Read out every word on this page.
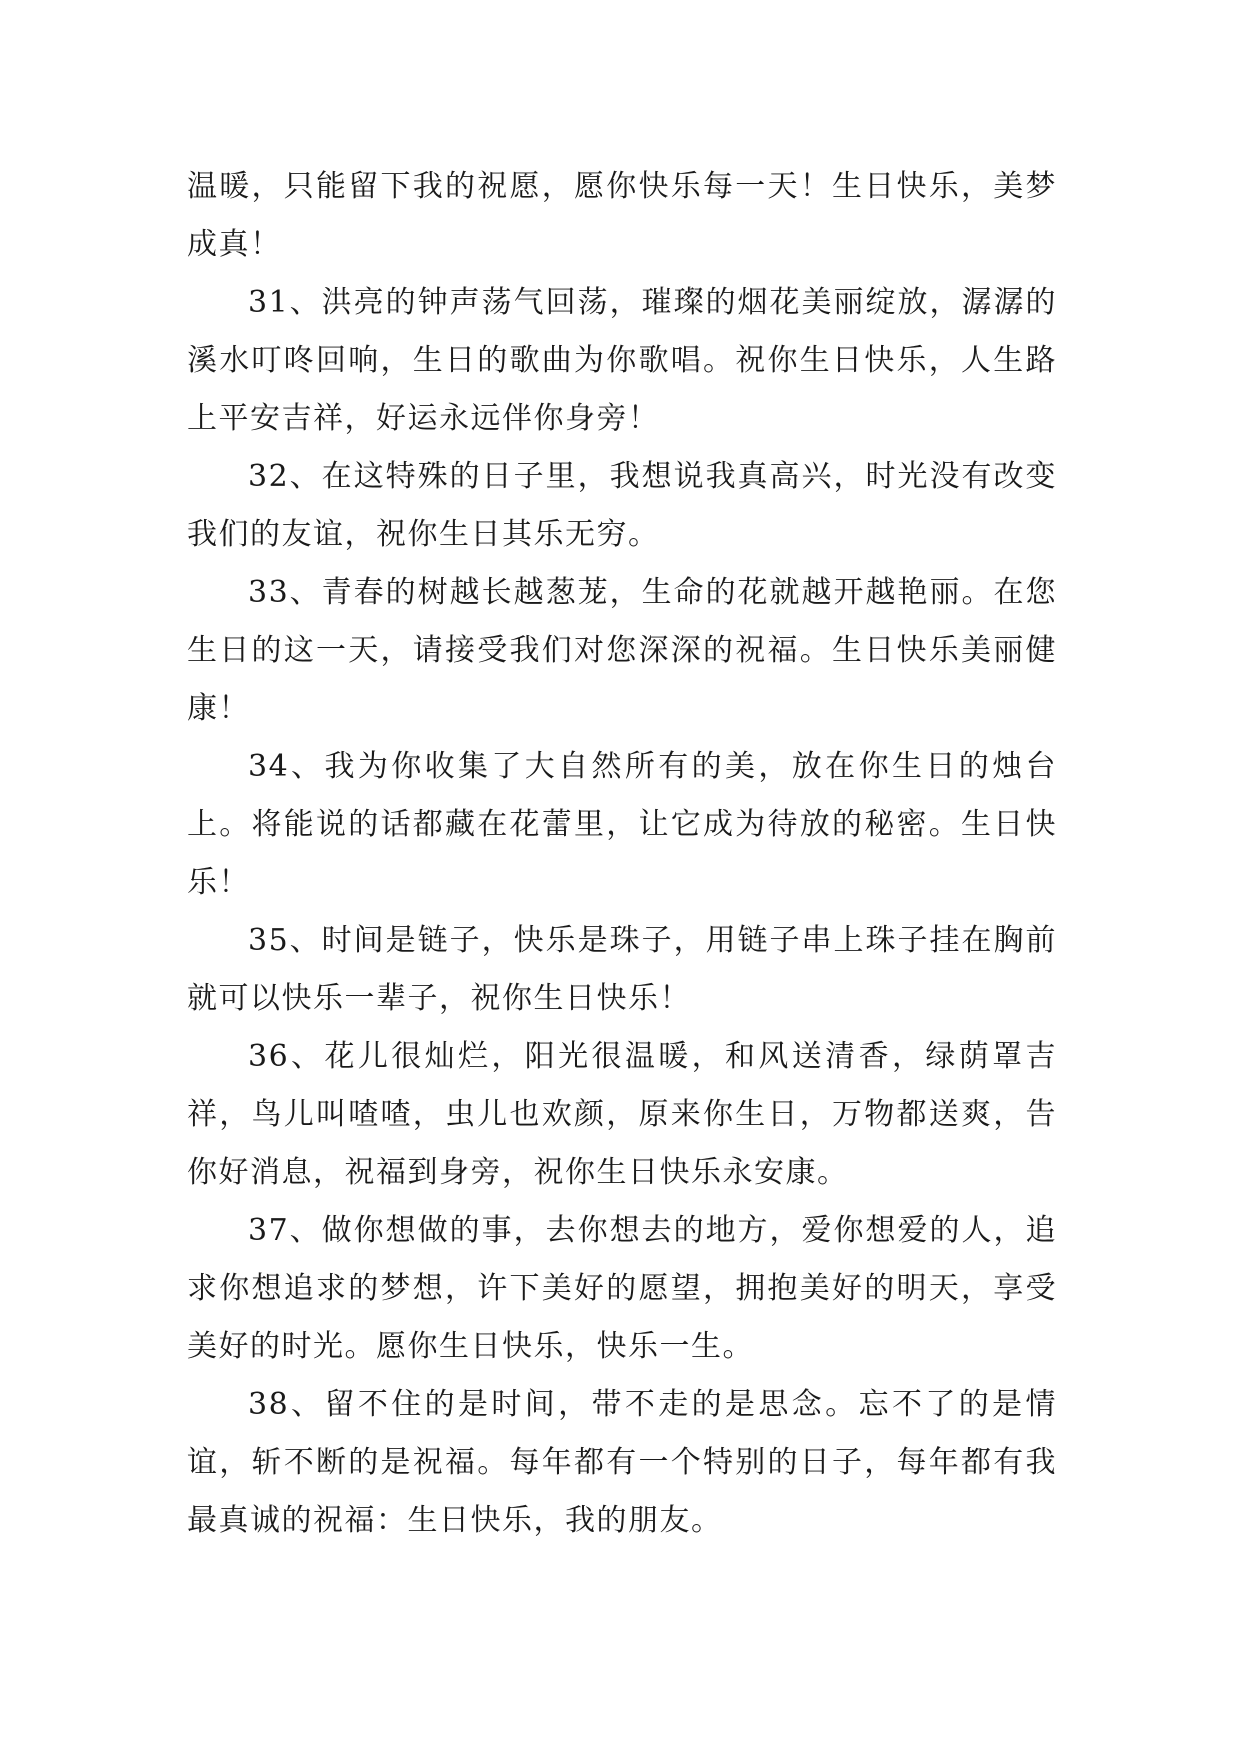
温暖，只能留下我的祝愿，愿你快乐每一天！生日快乐，美梦成真！

31、洪亮的钟声荡气回荡，璀璨的烟花美丽绽放，潺潺的溪水叮咚回响，生日的歌曲为你歌唱。祝你生日快乐，人生路上平安吉祥，好运永远伴你身旁！

32、在这特殊的日子里，我想说我真高兴，时光没有改变我们的友谊，祝你生日其乐无穷。

33、青春的树越长越葱茏，生命的花就越开越艳丽。在您生日的这一天，请接受我们对您深深的祝福。生日快乐美丽健康！

34、我为你收集了大自然所有的美，放在你生日的烛台上。将能说的话都藏在花蕾里，让它成为待放的秘密。生日快乐！

35、时间是链子，快乐是珠子，用链子串上珠子挂在胸前就可以快乐一辈子，祝你生日快乐！

36、花儿很灿烂，阳光很温暖，和风送清香，绿荫罩吉祥，鸟儿叫喳喳，虫儿也欢颜，原来你生日，万物都送爽，告你好消息，祝福到身旁，祝你生日快乐永安康。

37、做你想做的事，去你想去的地方，爱你想爱的人，追求你想追求的梦想，许下美好的愿望，拥抱美好的明天，享受美好的时光。愿你生日快乐，快乐一生。

38、留不住的是时间，带不走的是思念。忘不了的是情谊，斩不断的是祝福。每年都有一个特别的日子，每年都有我最真诚的祝福：生日快乐，我的朋友。
